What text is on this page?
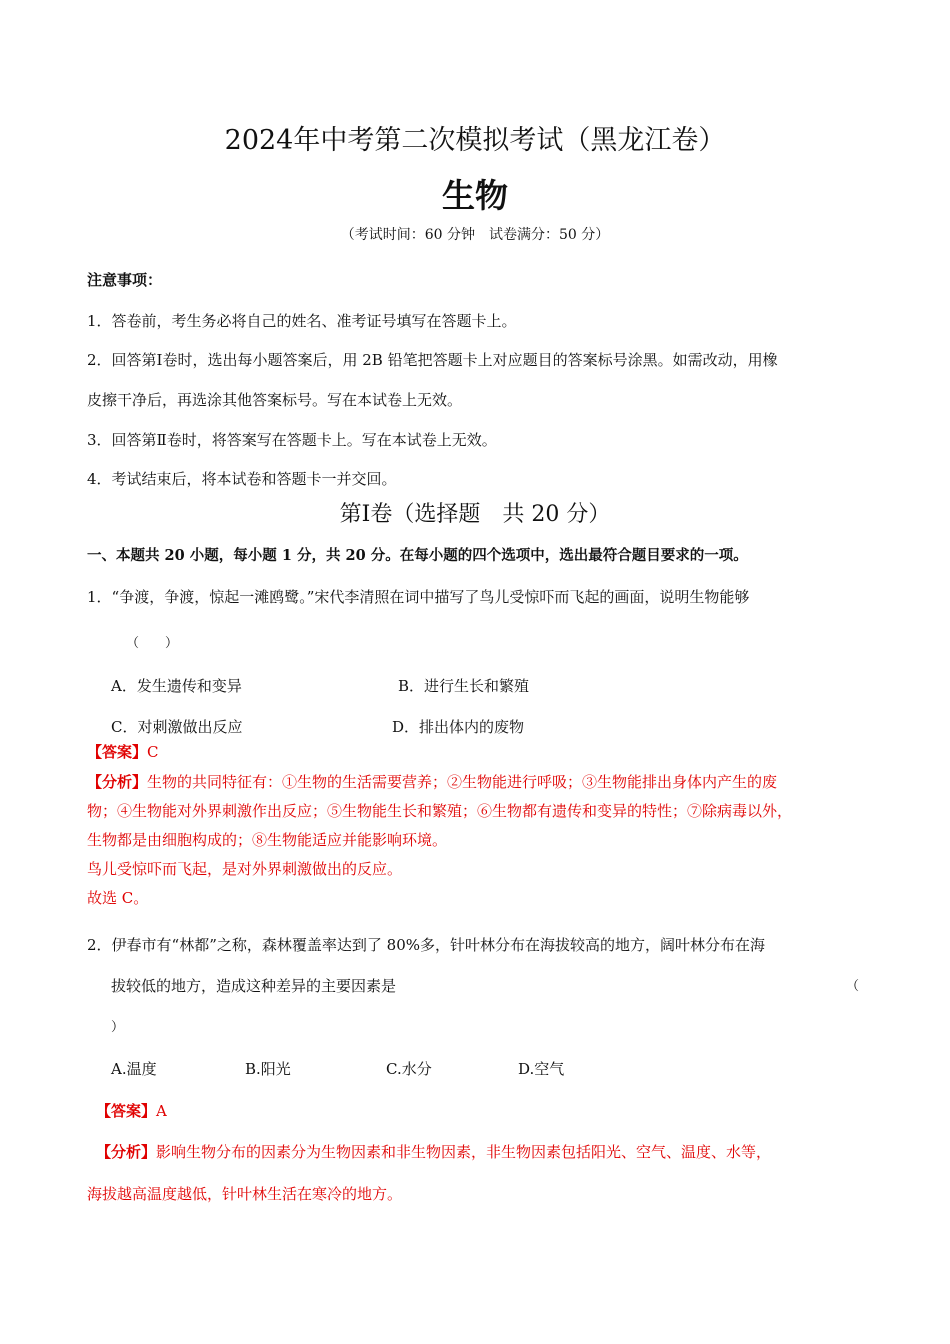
2024年中考第二次模拟考试（黑龙江卷）
生物
（考试时间：60 分钟　试卷满分：50 分）
注意事项：
1．答卷前，考生务必将自己的姓名、准考证号填写在答题卡上。
2．回答第Ⅰ卷时，选出每小题答案后，用 2B 铅笔把答题卡上对应题目的答案标号涂黑。如需改动，用橡
皮擦干净后，再选涂其他答案标号。写在本试卷上无效。
3．回答第Ⅱ卷时，将答案写在答题卡上。写在本试卷上无效。
4．考试结束后，将本试卷和答题卡一并交回。
第Ⅰ卷（选择题　共 20 分）
一、本题共 20 小题，每小题 1 分，共 20 分。在每小题的四个选项中，选出最符合题目要求的一项。
1．“争渡，争渡，惊起一滩鸥鹭。”宋代李清照在词中描写了鸟儿受惊吓而飞起的画面，说明生物能够
（　　）
A．发生遗传和变异	B．进行生长和繁殖
C．对刺激做出反应	D．排出体内的废物
【答案】C
【分析】生物的共同特征有：①生物的生活需要营养；②生物能进行呼吸；③生物能排出身体内产生的废
物；④生物能对外界刺激作出反应；⑤生物能生长和繁殖；⑥生物都有遗传和变异的特性；⑦除病毒以外，
生物都是由细胞构成的；⑧生物能适应并能影响环境。
鸟儿受惊吓而飞起，是对外界刺激做出的反应。
故选 C。
2．伊春市有“林都”之称，森林覆盖率达到了 80%多，针叶林分布在海拔较高的地方，阔叶林分布在海
拔较低的地方，造成这种差异的主要因素是	（
）
A.温度	B.阳光	C.水分	D.空气
【答案】A
【分析】影响生物分布的因素分为生物因素和非生物因素，非生物因素包括阳光、空气、温度、水等，
海拔越高温度越低，针叶林生活在寒冷的地方。
